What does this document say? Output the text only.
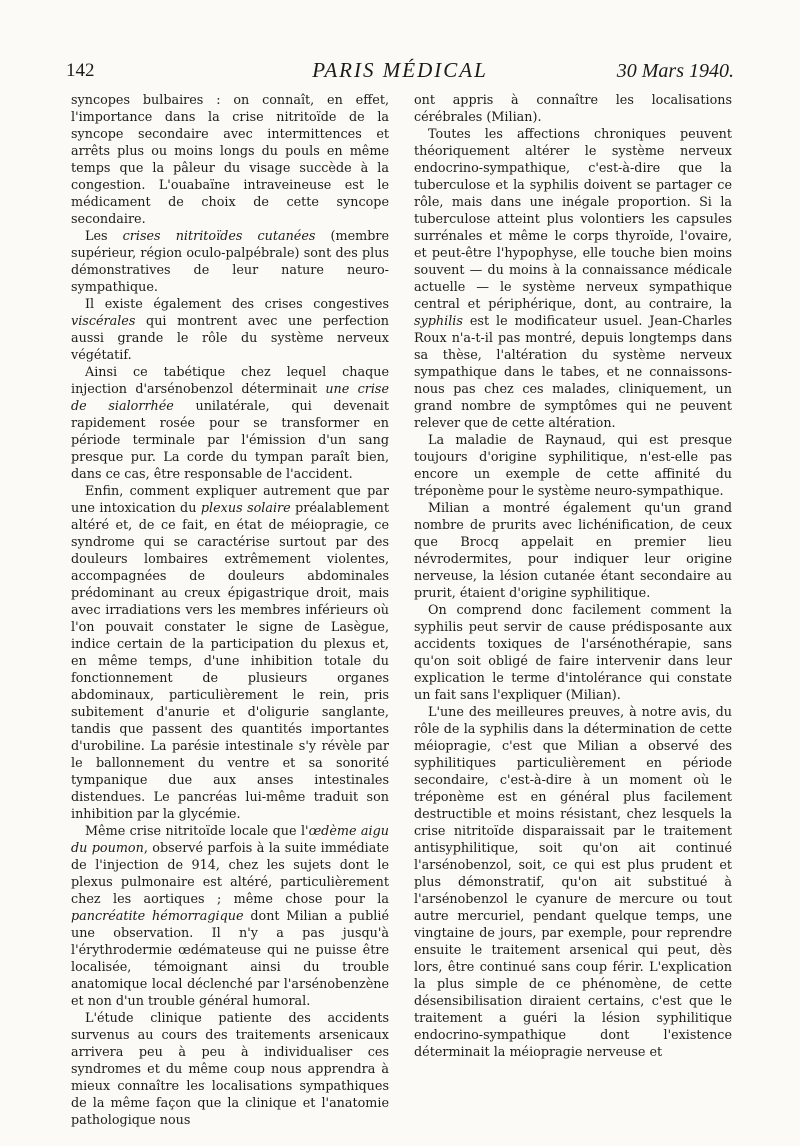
142	PARIS MÉDICAL	30 Mars 1940.

syncopes bulbaires : on connaît, en effet, l'importance dans la crise nitritoïde de la syncope secondaire avec intermittences et arrêts plus ou moins longs du pouls en même temps que la pâleur du visage succède à la congestion. L'ouabaïne intraveineuse est le médicament de choix de cette syncope secondaire.

Les crises nitritoïdes cutanées (membre supérieur, région oculo-palpébrale) sont des plus démonstratives de leur nature neuro-sympathique.

Il existe également des crises congestives viscérales qui montrent avec une perfection aussi grande le rôle du système nerveux végétatif.

Ainsi ce tabétique chez lequel chaque injection d'arsénobenzol déterminait une crise de sialorrhée unilatérale, qui devenait rapidement rosée pour se transformer en période terminale par l'émission d'un sang presque pur. La corde du tympan paraît bien, dans ce cas, être responsable de l'accident.

Enfin, comment expliquer autrement que par une intoxication du plexus solaire préalablement altéré et, de ce fait, en état de méiopragie, ce syndrome qui se caractérise surtout par des douleurs lombaires extrêmement violentes, accompagnées de douleurs abdominales prédominant au creux épigastrique droit, mais avec irradiations vers les membres inférieurs où l'on pouvait constater le signe de Lasègue, indice certain de la participation du plexus et, en même temps, d'une inhibition totale du fonctionnement de plusieurs organes abdominaux, particulièrement le rein, pris subitement d'anurie et d'oligurie sanglante, tandis que passent des quantités importantes d'urobiline. La parésie intestinale s'y révèle par le ballonnement du ventre et sa sonorité tympanique due aux anses intestinales distendues. Le pancréas lui-même traduit son inhibition par la glycémie.

Même crise nitritoïde locale que l'œdème aigu du poumon, observé parfois à la suite immédiate de l'injection de 914, chez les sujets dont le plexus pulmonaire est altéré, particulièrement chez les aortiques ; même chose pour la pancréatite hémorragique dont Milian a publié une observation. Il n'y a pas jusqu'à l'érythrodermie œdémateuse qui ne puisse être localisée, témoignant ainsi du trouble anatomique local déclenché par l'arsénobenzène et non d'un trouble général humoral.

L'étude clinique patiente des accidents survenus au cours des traitements arsenicaux arrivera peu à peu à individualiser ces syndromes et du même coup nous apprendra à mieux connaître les localisations sympathiques de la même façon que la clinique et l'anatomie pathologique nous

ont appris à connaître les localisations cérébrales (Milian).

Toutes les affections chroniques peuvent théoriquement altérer le système nerveux endocrino-sympathique, c'est-à-dire que la tuberculose et la syphilis doivent se partager ce rôle, mais dans une inégale proportion. Si la tuberculose atteint plus volontiers les capsules surrénales et même le corps thyroïde, l'ovaire, et peut-être l'hypophyse, elle touche bien moins souvent — du moins à la connaissance médicale actuelle — le système nerveux sympathique central et périphérique, dont, au contraire, la syphilis est le modificateur usuel. Jean-Charles Roux n'a-t-il pas montré, depuis longtemps dans sa thèse, l'altération du système nerveux sympathique dans le tabes, et ne connaissons-nous pas chez ces malades, cliniquement, un grand nombre de symptômes qui ne peuvent relever que de cette altération.

La maladie de Raynaud, qui est presque toujours d'origine syphilitique, n'est-elle pas encore un exemple de cette affinité du tréponème pour le système neuro-sympathique.

Milian a montré également qu'un grand nombre de prurits avec lichénification, de ceux que Brocq appelait en premier lieu névrodermites, pour indiquer leur origine nerveuse, la lésion cutanée étant secondaire au prurit, étaient d'origine syphilitique.

On comprend donc facilement comment la syphilis peut servir de cause prédisposante aux accidents toxiques de l'arsénothérapie, sans qu'on soit obligé de faire intervenir dans leur explication le terme d'intolérance qui constate un fait sans l'expliquer (Milian).

L'une des meilleures preuves, à notre avis, du rôle de la syphilis dans la détermination de cette méiopragie, c'est que Milian a observé des syphilitiques particulièrement en période secondaire, c'est-à-dire à un moment où le tréponème est en général plus facilement destructible et moins résistant, chez lesquels la crise nitritoïde disparaissait par le traitement antisyphilitique, soit qu'on ait continué l'arsénobenzol, soit, ce qui est plus prudent et plus démonstratif, qu'on ait substitué à l'arsénobenzol le cyanure de mercure ou tout autre mercuriel, pendant quelque temps, une vingtaine de jours, par exemple, pour reprendre ensuite le traitement arsenical qui peut, dès lors, être continué sans coup férir. L'explication la plus simple de ce phénomène, de cette désensibilisation diraient certains, c'est que le traitement a guéri la lésion syphilitique endocrino-sympathique dont l'existence déterminait la méiopragie nerveuse et
